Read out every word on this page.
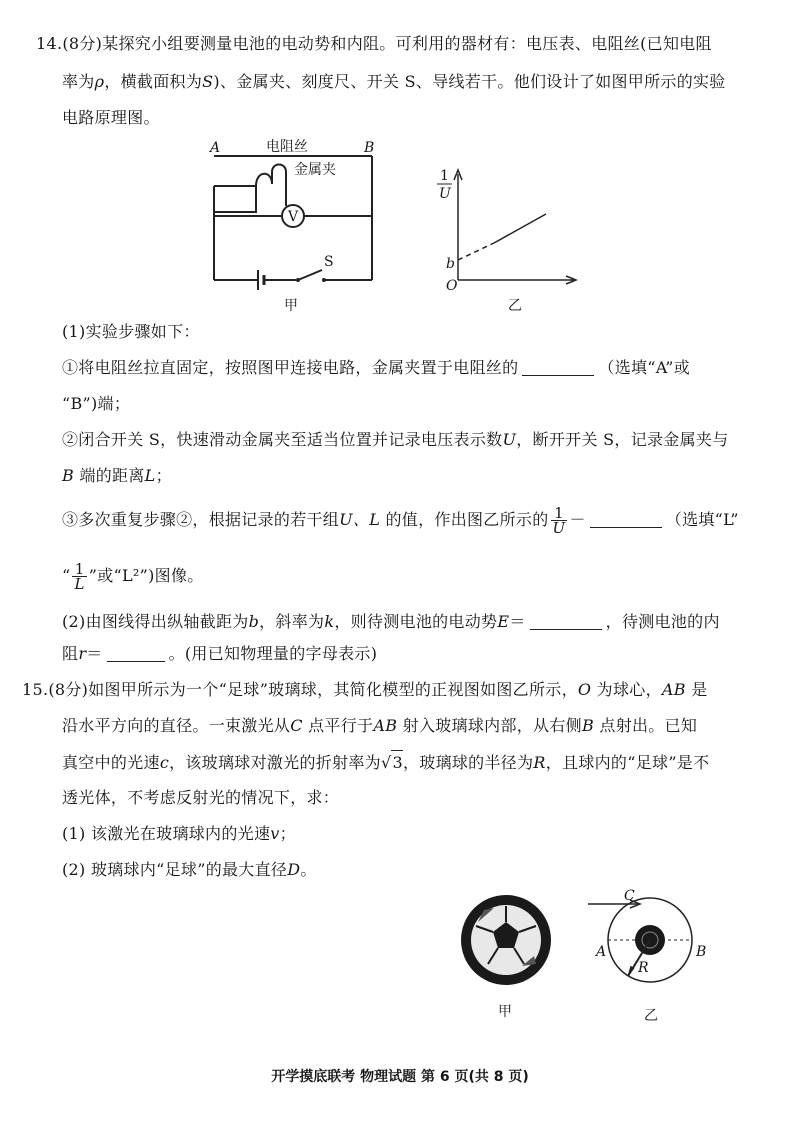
14.(8分)某探究小组要测量电池的电动势和内阻。可利用的器材有：电压表、电阻丝(已知电阻
率为ρ，横截面积为S)、金属夹、刻度尺、开关 S、导线若干。他们设计了如图甲所示的实验
电路原理图。
A	电阻丝	B
金属夹
V
S
甲
1
U
b
O
乙
(1)实验步骤如下：
①将电阻丝拉直固定，按照图甲连接电路，金属夹置于电阻丝的	（选填“A”或
“B”)端；
②闭合开关 S，快速滑动金属夹至适当位置并记录电压表示数U，断开开关 S，记录金属夹与
B 端的距离L；
③多次重复步骤②，根据记录的若干组U、L 的值，作出图乙所示的 $\frac{1}{U}$ －	（选填“L”
“ $\frac{1}{L}$ ”或“L²”)图像。
(2)由图线得出纵轴截距为b，斜率为k，则待测电池的电动势E＝	，待测电池的内
阻r＝	。(用已知物理量的字母表示)
15.(8分)如图甲所示为一个“足球”玻璃球，其简化模型的正视图如图乙所示，O 为球心，AB 是
沿水平方向的直径。一束激光从C 点平行于AB 射入玻璃球内部，从右侧B 点射出。已知
真空中的光速c，该玻璃球对激光的折射率为√3，玻璃球的半径为R，且球内的“足球”是不
透光体，不考虑反射光的情况下，求：
(1) 该激光在玻璃球内的光速v；
(2) 玻璃球内“足球”的最大直径D。
甲
C
A	B
R
乙
开学摸底联考 物理试题 第 6 页(共 8 页)
